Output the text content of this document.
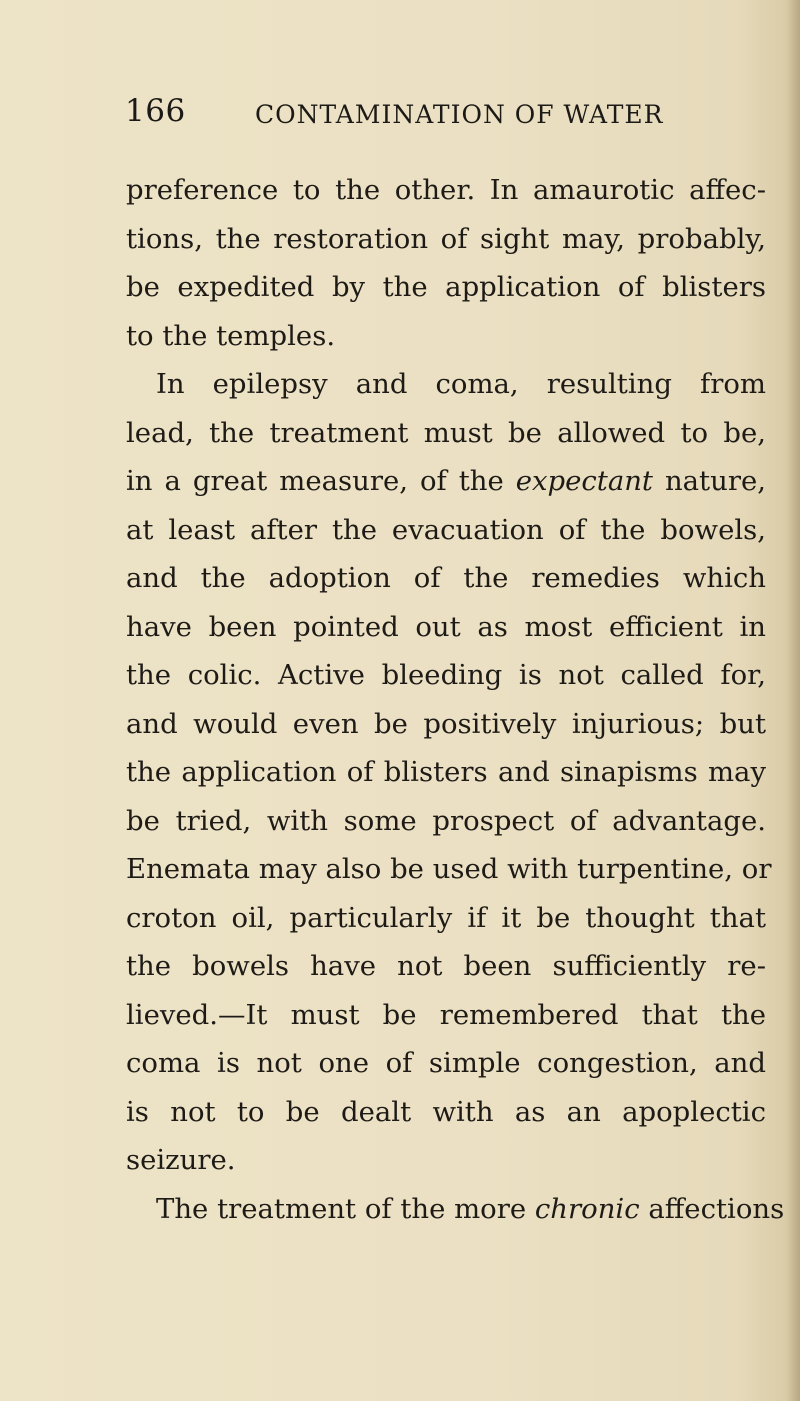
166	CONTAMINATION OF WATER
preference to the other. In amaurotic affec-
tions, the restoration of sight may, probably,
be expedited by the application of blisters
to the temples.
In epilepsy and coma, resulting from
lead, the treatment must be allowed to be,
in a great measure, of the expectant nature,
at least after the evacuation of the bowels,
and the adoption of the remedies which
have been pointed out as most efficient in
the colic. Active bleeding is not called for,
and would even be positively injurious; but
the application of blisters and sinapisms may
be tried, with some prospect of advantage.
Enemata may also be used with turpentine, or
croton oil, particularly if it be thought that
the bowels have not been sufficiently re-
lieved.—It must be remembered that the
coma is not one of simple congestion, and
is not to be dealt with as an apoplectic
seizure.
The treatment of the more chronic affections
